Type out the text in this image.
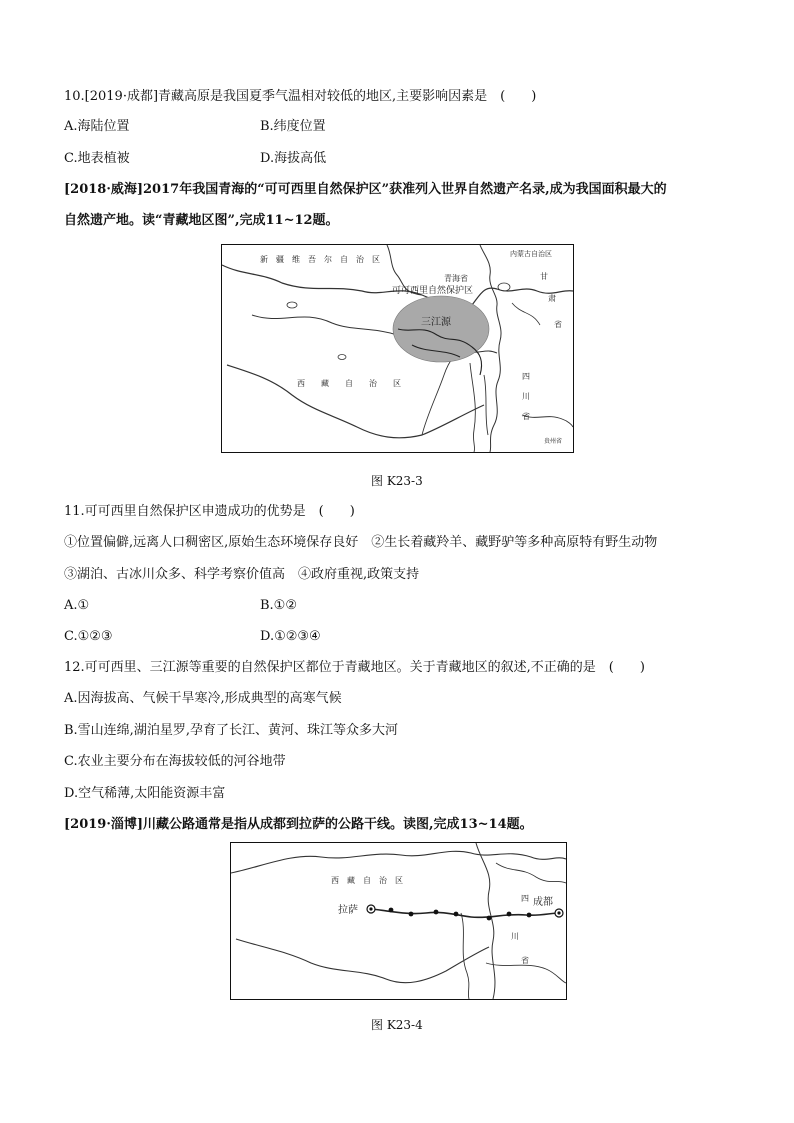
10.[2019·成都]青藏高原是我国夏季气温相对较低的地区,主要影响因素是　(　　)
A.海陆位置	B.纬度位置
C.地表植被	D.海拔高低
[2018·威海]2017年我国青海的“可可西里自然保护区”获准列入世界自然遗产名录,成为我国面积最大的
自然遗产地。读“青藏地区图”,完成11~12题。
新　疆　维　吾　尔　自　治　区
内蒙古自治区
青海省
可可西里自然保护区
三江源
甘
肃
省
西　　藏　　自　　治　　区
四
川
省
贵州省
图 K23-3
11.可可西里自然保护区申遗成功的优势是　(　　)
①位置偏僻,远离人口稠密区,原始生态环境保存良好　②生长着藏羚羊、藏野驴等多种高原特有野生动物
③湖泊、古冰川众多、科学考察价值高　④政府重视,政策支持
A.①	B.①②
C.①②③	D.①②③④
12.可可西里、三江源等重要的自然保护区都位于青藏地区。关于青藏地区的叙述,不正确的是　(　　)
A.因海拔高、气候干旱寒冷,形成典型的高寒气候
B.雪山连绵,湖泊星罗,孕育了长江、黄河、珠江等众多大河
C.农业主要分布在海拔较低的河谷地带
D.空气稀薄,太阳能资源丰富
[2019·淄博]川藏公路通常是指从成都到拉萨的公路干线。读图,完成13~14题。
西　藏　自　治　区
拉萨
成都
四
川
省
图 K23-4
